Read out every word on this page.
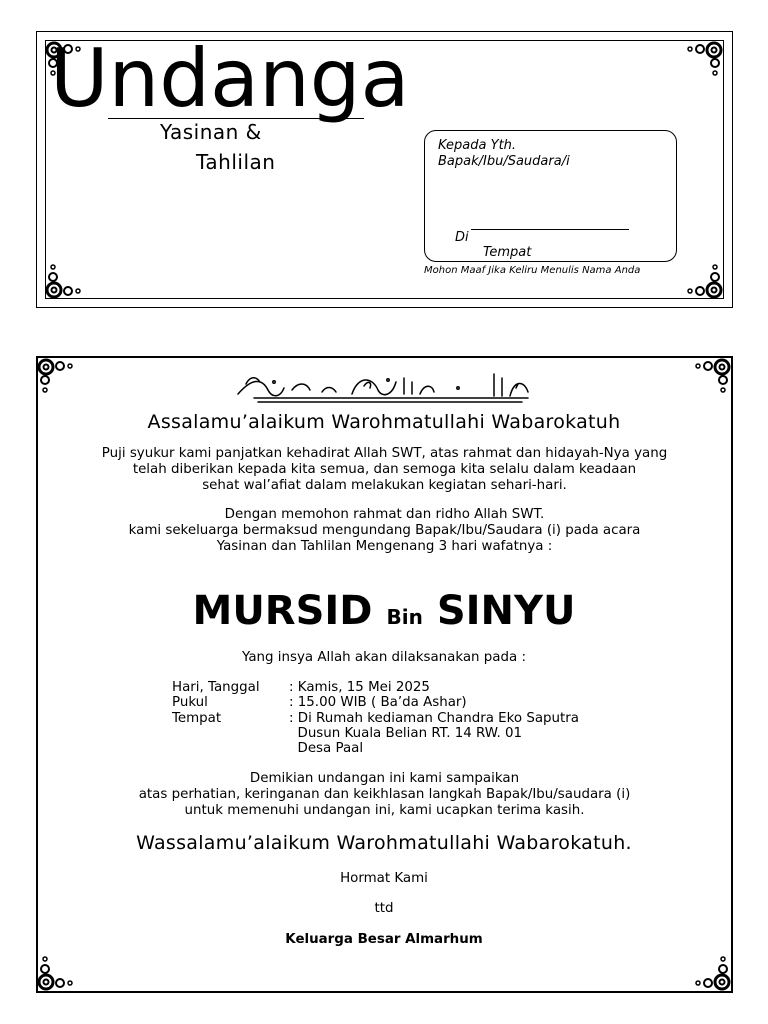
Undanga
Yasinan &
Tahlilan
Kepada Yth.
Bapak/Ibu/Saudara/i
Di
Tempat
Mohon Maaf Jika Keliru Menulis Nama Anda
Assalamu’alaikum Warohmatullahi Wabarokatuh
Puji syukur kami panjatkan kehadirat Allah SWT, atas rahmat dan hidayah-Nya yang
telah diberikan kepada kita semua, dan semoga kita selalu dalam keadaan
sehat wal’afiat dalam melakukan kegiatan sehari-hari.
Dengan memohon rahmat dan ridho Allah SWT.
kami sekeluarga bermaksud mengundang Bapak/Ibu/Saudara (i) pada acara
Yasinan dan Tahlilan Mengenang 3 hari wafatnya :
MURSID Bin SINYU
Yang insya Allah akan dilaksanakan pada :
Hari, Tanggal : Kamis, 15 Mei 2025
Pukul	: 15.00 WIB ( Ba’da Ashar)
Tempat	: Di Rumah kediaman Chandra Eko Saputra
Dusun Kuala Belian RT. 14 RW. 01
Desa Paal
Demikian undangan ini kami sampaikan
atas perhatian, keringanan dan keikhlasan langkah Bapak/Ibu/saudara (i)
untuk memenuhi undangan ini, kami ucapkan terima kasih.
Wassalamu’alaikum Warohmatullahi Wabarokatuh.
Hormat Kami
ttd
Keluarga Besar Almarhum
